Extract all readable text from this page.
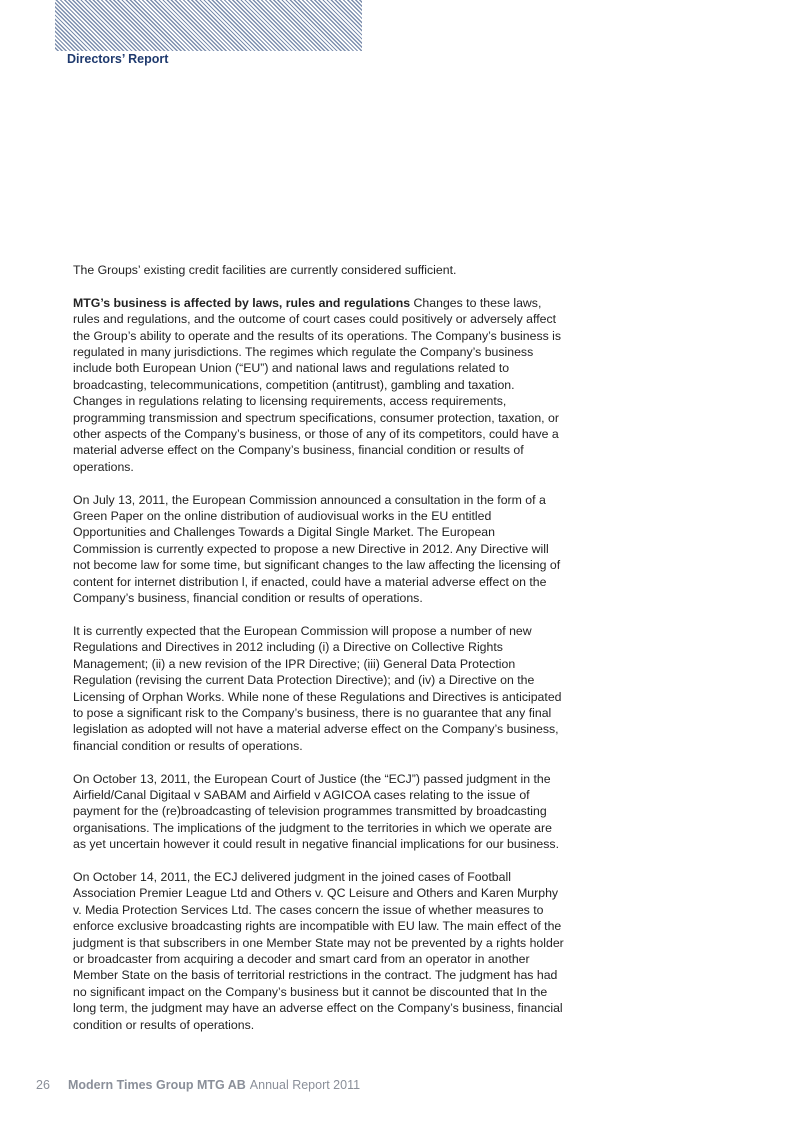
Directors’ Report
The Groups’ existing credit facilities are currently considered sufficient.
MTG’s business is affected by laws, rules and regulations Changes to these laws,
rules and regulations, and the outcome of court cases could positively or adversely affect
the Group’s ability to operate and the results of its operations. The Company’s business is
regulated in many jurisdictions. The regimes which regulate the Company’s business
include both European Union (“EU”) and national laws and regulations related to
broadcasting, telecommunications, competition (antitrust), gambling and taxation.
Changes in regulations relating to licensing requirements, access requirements,
programming transmission and spectrum specifications, consumer protection, taxation, or
other aspects of the Company’s business, or those of any of its competitors, could have a
material adverse effect on the Company’s business, financial condition or results of
operations.
On July 13, 2011, the European Commission announced a consultation in the form of a
Green Paper on the online distribution of audiovisual works in the EU entitled
Opportunities and Challenges Towards a Digital Single Market. The European
Commission is currently expected to propose a new Directive in 2012. Any Directive will
not become law for some time, but significant changes to the law affecting the licensing of
content for internet distribution l, if enacted, could have a material adverse effect on the
Company’s business, financial condition or results of operations.
It is currently expected that the European Commission will propose a number of new
Regulations and Directives in 2012 including (i) a Directive on Collective Rights
Management; (ii) a new revision of the IPR Directive; (iii) General Data Protection
Regulation (revising the current Data Protection Directive); and (iv) a Directive on the
Licensing of Orphan Works. While none of these Regulations and Directives is anticipated
to pose a significant risk to the Company’s business, there is no guarantee that any final
legislation as adopted will not have a material adverse effect on the Company’s business,
financial condition or results of operations.
On October 13, 2011, the European Court of Justice (the “ECJ”) passed judgment in the
Airfield/Canal Digitaal v SABAM and Airfield v AGICOA cases relating to the issue of
payment for the (re)broadcasting of television programmes transmitted by broadcasting
organisations. The implications of the judgment to the territories in which we operate are
as yet uncertain however it could result in negative financial implications for our business.
On October 14, 2011, the ECJ delivered judgment in the joined cases of Football
Association Premier League Ltd and Others v. QC Leisure and Others and Karen Murphy
v. Media Protection Services Ltd. The cases concern the issue of whether measures to
enforce exclusive broadcasting rights are incompatible with EU law. The main effect of the
judgment is that subscribers in one Member State may not be prevented by a rights holder
or broadcaster from acquiring a decoder and smart card from an operator in another
Member State on the basis of territorial restrictions in the contract. The judgment has had
no significant impact on the Company’s business but it cannot be discounted that In the
long term, the judgment may have an adverse effect on the Company’s business, financial
condition or results of operations.
26 Modern Times Group MTG AB Annual Report 2011
